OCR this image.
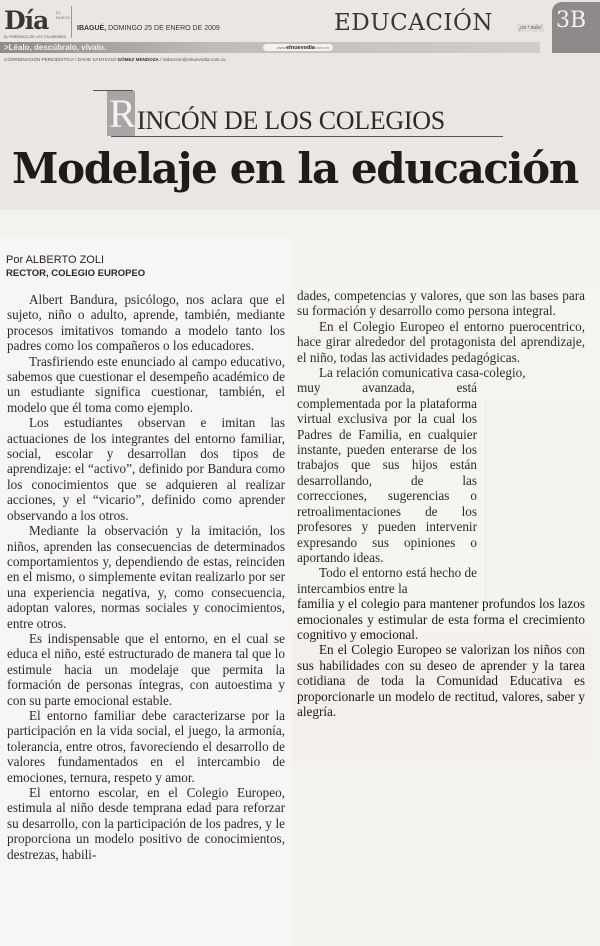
Día EL NUEVO
EL PERIÓDICO DE LOS TOLIMENSES
IBAGUÉ, DOMINGO 25 DE ENERO DE 2009
>Léalo, descúbralo, vívalo.	www.elnuevodia.com.co
COORDINACIÓN PERIODÍSTICA / DAVID SANTIAGO GÓMEZ MENDOZA / redaccion@elnuevodia.com.co
EDUCACIÓN	¡es+más! 3B
R INCÓN DE LOS COLEGIOS
Modelaje en la educación
Por ALBERTO ZOLI
RECTOR, COLEGIO EUROPEO

Albert Bandura, psicólogo, nos aclara que el sujeto, niño o adulto, aprende, también, mediante procesos imitativos tomando a modelo tanto los padres como los compañeros o los educadores.

Trasfiriendo este enunciado al campo educativo, sabemos que cuestionar el desempeño académico de un estudiante significa cuestionar, también, el modelo que él toma como ejemplo.

Los estudiantes observan e imitan las actuaciones de los integrantes del entorno familiar, social, escolar y desarrollan dos tipos de aprendizaje: el “activo”, definido por Bandura como los conocimientos que se adquieren al realizar acciones, y el “vicario”, definido como aprender observando a los otros.

Mediante la observación y la imitación, los niños, aprenden las consecuencias de determinados comportamientos y, dependiendo de estas, reinciden en el mismo, o simplemente evitan realizarlo por ser una experiencia negativa, y, como consecuencia, adoptan valores, normas sociales y conocimientos, entre otros.

Es indispensable que el entorno, en el cual se educa el niño, esté estructurado de manera tal que lo estimule hacia un modelaje que permita la formación de personas íntegras, con autoestima y con su parte emocional estable.

El entorno familiar debe caracterizarse por la participación en la vida social, el juego, la armonía, tolerancia, entre otros, favoreciendo el desarrollo de valores fundamentados en el intercambio de emociones, ternura, respeto y amor.

El entorno escolar, en el Colegio Europeo, estimula al niño desde temprana edad para reforzar su desarrollo, con la participación de los padres, y le proporciona un modelo positivo de conocimientos, destrezas, habili-

dades, competencias y valores, que son las bases para su formación y desarrollo como persona integral.

En el Colegio Europeo el entorno puerocentrico, hace girar alrededor del protagonista del aprendizaje, el niño, todas las actividades pedagógicas.

La relación comunicativa casa-colegio,

muy avanzada, está complementada por la plataforma virtual exclusiva por la cual los Padres de Familia, en cualquier instante, pueden enterarse de los trabajos que sus hijos están desarrollando, de las correcciones, sugerencias o retroalimentaciones de los profesores y pueden intervenir expresando sus opiniones o aportando ideas.

Todo el entorno está hecho de intercambios entre la

familia y el colegio para mantener profundos los lazos emocionales y estimular de esta forma el crecimiento cognitivo y emocional.

En el Colegio Europeo se valorizan los niños con sus habilidades con su deseo de aprender y la tarea cotidiana de toda la Comunidad Educativa es proporcionarle un modelo de rectitud, valores, saber y alegría.
